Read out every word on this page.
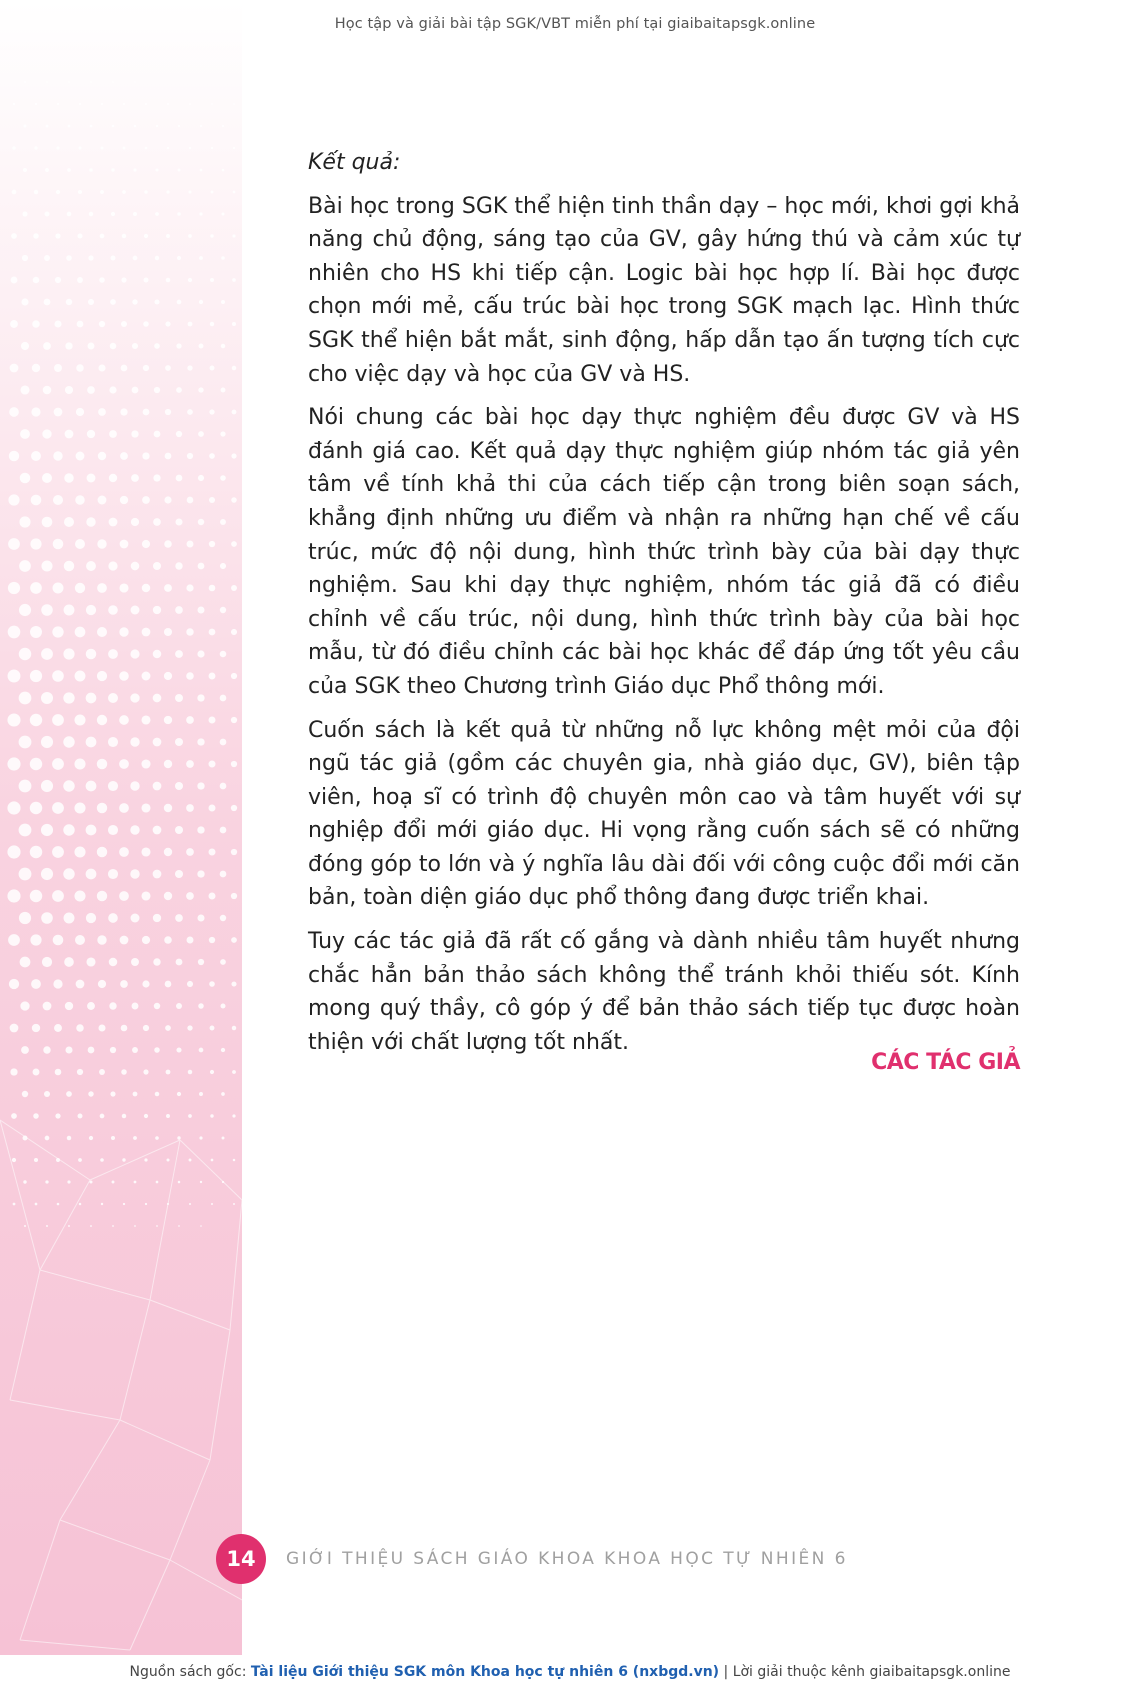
Học tập và giải bài tập SGK/VBT miễn phí tại giaibaitapsgk.online
Kết quả:

Bài học trong SGK thể hiện tinh thần dạy – học mới, khơi gợi khả năng chủ động, sáng tạo của GV, gây hứng thú và cảm xúc tự nhiên cho HS khi tiếp cận. Logic bài học hợp lí. Bài học được chọn mới mẻ, cấu trúc bài học trong SGK mạch lạc. Hình thức SGK thể hiện bắt mắt, sinh động, hấp dẫn tạo ấn tượng tích cực cho việc dạy và học của GV và HS.

Nói chung các bài học dạy thực nghiệm đều được GV và HS đánh giá cao. Kết quả dạy thực nghiệm giúp nhóm tác giả yên tâm về tính khả thi của cách tiếp cận trong biên soạn sách, khẳng định những ưu điểm và nhận ra những hạn chế về cấu trúc, mức độ nội dung, hình thức trình bày của bài dạy thực nghiệm. Sau khi dạy thực nghiệm, nhóm tác giả đã có điều chỉnh về cấu trúc, nội dung, hình thức trình bày của bài học mẫu, từ đó điều chỉnh các bài học khác để đáp ứng tốt yêu cầu của SGK theo Chương trình Giáo dục Phổ thông mới.

Cuốn sách là kết quả từ những nỗ lực không mệt mỏi của đội ngũ tác giả (gồm các chuyên gia, nhà giáo dục, GV), biên tập viên, hoạ sĩ có trình độ chuyên môn cao và tâm huyết với sự nghiệp đổi mới giáo dục. Hi vọng rằng cuốn sách sẽ có những đóng góp to lớn và ý nghĩa lâu dài đối với công cuộc đổi mới căn bản, toàn diện giáo dục phổ thông đang được triển khai.

Tuy các tác giả đã rất cố gắng và dành nhiều tâm huyết nhưng chắc hẳn bản thảo sách không thể tránh khỏi thiếu sót. Kính mong quý thầy, cô góp ý để bản thảo sách tiếp tục được hoàn thiện với chất lượng tốt nhất.

CÁC TÁC GIẢ
14 GIỚI THIỆU SÁCH GIÁO KHOA KHOA HỌC TỰ NHIÊN 6
Nguồn sách gốc: Tài liệu Giới thiệu SGK môn Khoa học tự nhiên 6 (nxbgd.vn) | Lời giải thuộc kênh giaibaitapsgk.online
